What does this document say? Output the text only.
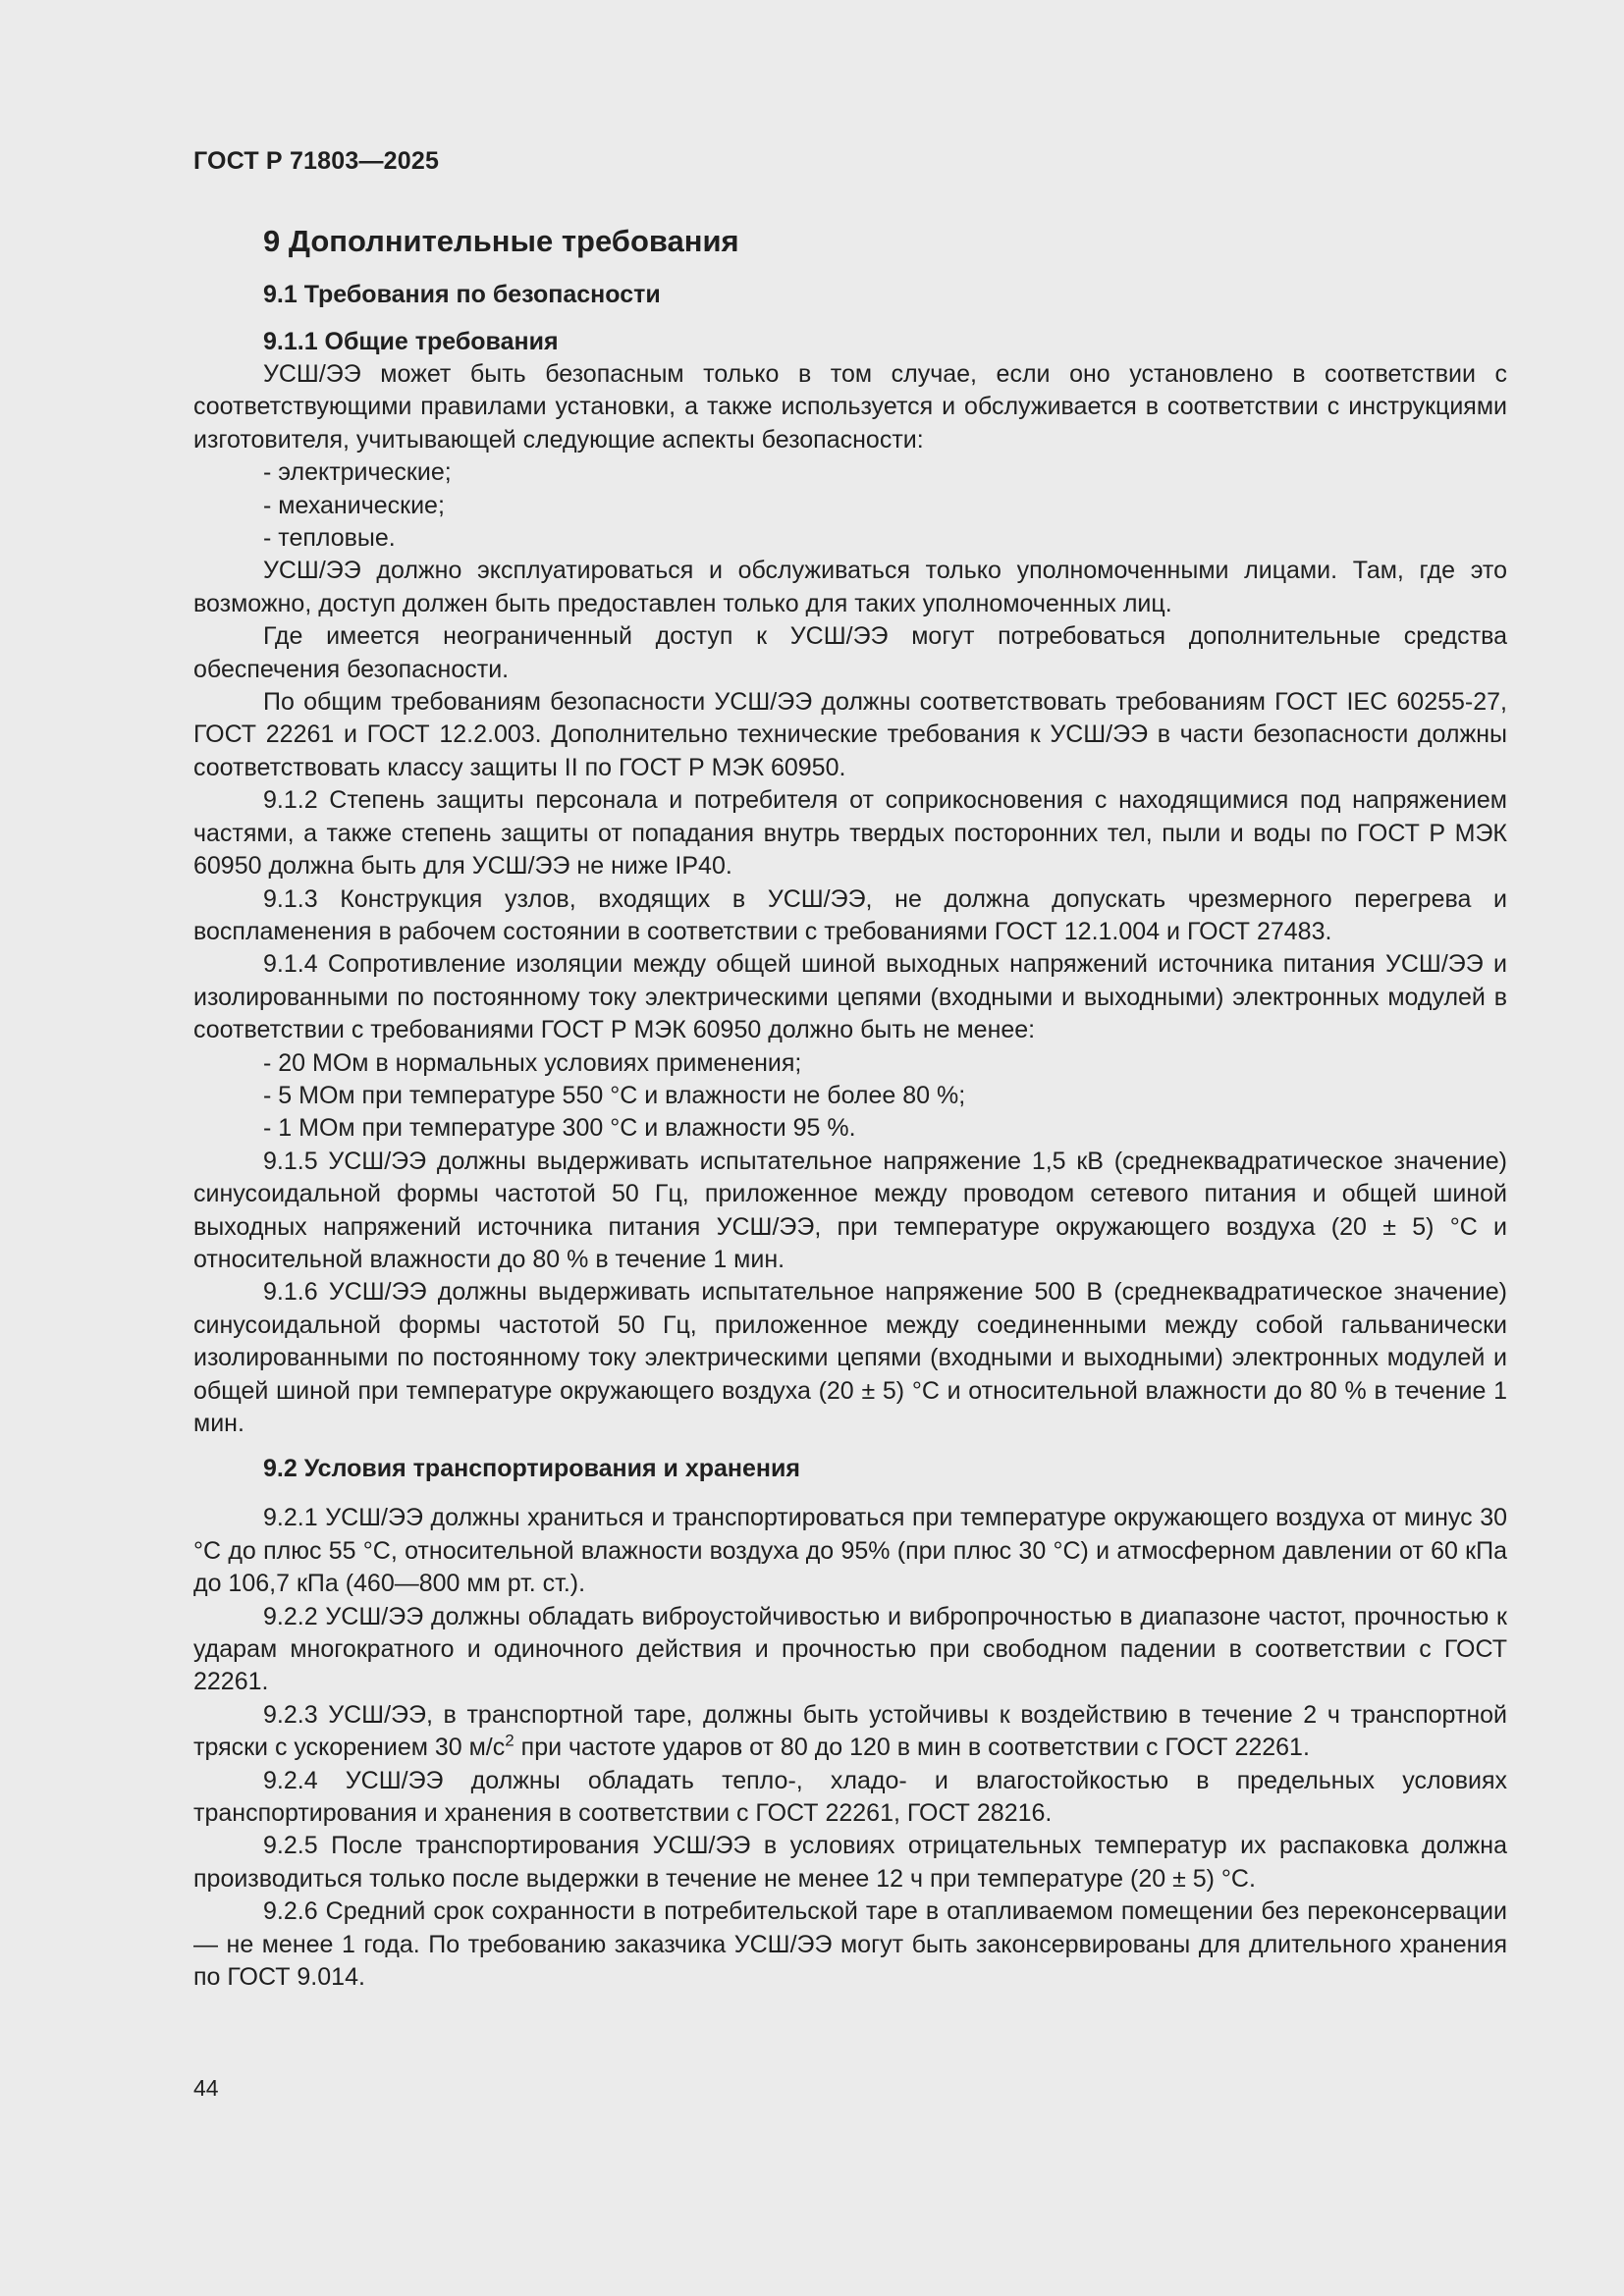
ГОСТ Р 71803—2025
9 Дополнительные требования
9.1 Требования по безопасности
9.1.1 Общие требования

УСШ/ЭЭ может быть безопасным только в том случае, если оно установлено в соответствии с соответствующими правилами установки, а также используется и обслуживается в соответствии с инструкциями изготовителя, учитывающей следующие аспекты безопасности:

- электрические;
- механические;
- тепловые.

УСШ/ЭЭ должно эксплуатироваться и обслуживаться только уполномоченными лицами. Там, где это возможно, доступ должен быть предоставлен только для таких уполномоченных лиц.

Где имеется неограниченный доступ к УСШ/ЭЭ могут потребоваться дополнительные средства обеспечения безопасности.

По общим требованиям безопасности УСШ/ЭЭ должны соответствовать требованиям ГОСТ IEC 60255-27, ГОСТ 22261 и ГОСТ 12.2.003. Дополнительно технические требования к УСШ/ЭЭ в части безопасности должны соответствовать классу защиты II по ГОСТ Р МЭК 60950.

9.1.2 Степень защиты персонала и потребителя от соприкосновения с находящимися под напряжением частями, а также степень защиты от попадания внутрь твердых посторонних тел, пыли и воды по ГОСТ Р МЭК 60950 должна быть для УСШ/ЭЭ не ниже IP40.

9.1.3 Конструкция узлов, входящих в УСШ/ЭЭ, не должна допускать чрезмерного перегрева и воспламенения в рабочем состоянии в соответствии с требованиями ГОСТ 12.1.004 и ГОСТ 27483.

9.1.4 Сопротивление изоляции между общей шиной выходных напряжений источника питания УСШ/ЭЭ и изолированными по постоянному току электрическими цепями (входными и выходными) электронных модулей в соответствии с требованиями ГОСТ Р МЭК 60950 должно быть не менее:

- 20 МОм в нормальных условиях применения;
- 5 МОм при температуре 550 °С и влажности не более 80 %;
- 1 МОм при температуре 300 °С и влажности 95 %.

9.1.5 УСШ/ЭЭ должны выдерживать испытательное напряжение 1,5 кВ (среднеквадратическое значение) синусоидальной формы частотой 50 Гц, приложенное между проводом сетевого питания и общей шиной выходных напряжений источника питания УСШ/ЭЭ, при температуре окружающего воздуха (20 ± 5) °С и относительной влажности до 80 % в течение 1 мин.

9.1.6 УСШ/ЭЭ должны выдерживать испытательное напряжение 500 В (среднеквадратическое значение) синусоидальной формы частотой 50 Гц, приложенное между соединенными между собой гальванически изолированными по постоянному току электрическими цепями (входными и выходными) электронных модулей и общей шиной при температуре окружающего воздуха (20 ± 5) °С и относительной влажности до 80 % в течение 1 мин.

9.2 Условия транспортирования и хранения

9.2.1 УСШ/ЭЭ должны храниться и транспортироваться при температуре окружающего воздуха от минус 30 °С до плюс 55 °С, относительной влажности воздуха до 95% (при плюс 30 °С) и атмосферном давлении от 60 кПа до 106,7 кПа (460—800 мм рт. ст.).

9.2.2 УСШ/ЭЭ должны обладать виброустойчивостью и вибропрочностью в диапазоне частот, прочностью к ударам многократного и одиночного действия и прочностью при свободном падении в соответствии с ГОСТ 22261.

9.2.3 УСШ/ЭЭ, в транспортной таре, должны быть устойчивы к воздействию в течение 2 ч транспортной тряски с ускорением 30 $м/с^2$ при частоте ударов от 80 до 120 в мин в соответствии с ГОСТ 22261.

9.2.4 УСШ/ЭЭ должны обладать тепло-, хладо- и влагостойкостью в предельных условиях транспортирования и хранения в соответствии с ГОСТ 22261, ГОСТ 28216.

9.2.5 После транспортирования УСШ/ЭЭ в условиях отрицательных температур их распаковка должна производиться только после выдержки в течение не менее 12 ч при температуре (20 ± 5) °С.

9.2.6 Средний срок сохранности в потребительской таре в отапливаемом помещении без переконсервации — не менее 1 года. По требованию заказчика УСШ/ЭЭ могут быть законсервированы для длительного хранения по ГОСТ 9.014.

44
